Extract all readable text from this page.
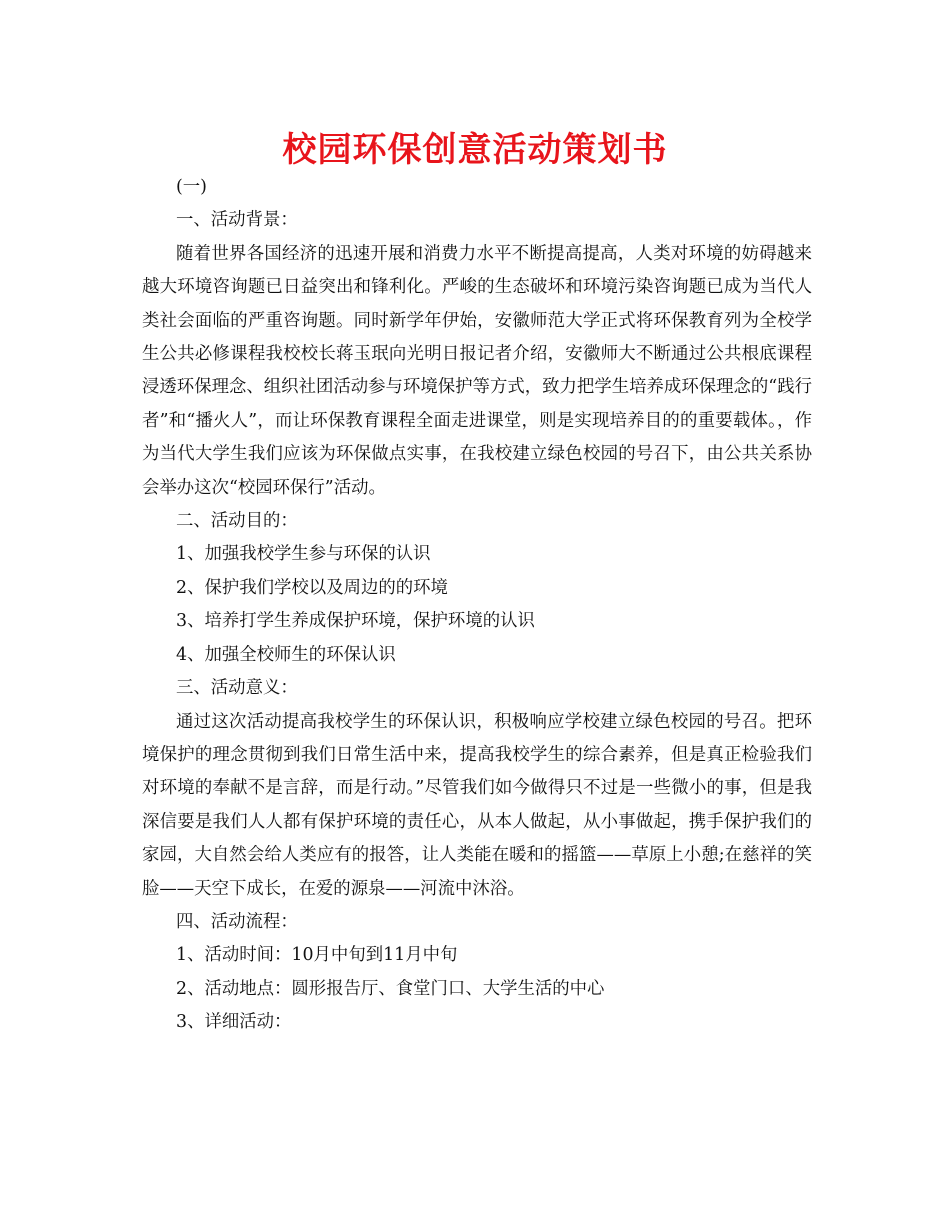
校园环保创意活动策划书

(一)

一、活动背景：

随着世界各国经济的迅速开展和消费力水平不断提高提高，人类对环境的妨碍越来越大环境咨询题已日益突出和锋利化。严峻的生态破坏和环境污染咨询题已成为当代人类社会面临的严重咨询题。同时新学年伊始，安徽师范大学正式将环保教育列为全校学生公共必修课程我校校长蒋玉珉向光明日报记者介绍，安徽师大不断通过公共根底课程浸透环保理念、组织社团活动参与环境保护等方式，致力把学生培养成环保理念的“践行者”和“播火人”，而让环保教育课程全面走进课堂，则是实现培养目的的重要载体。，作为当代大学生我们应该为环保做点实事，在我校建立绿色校园的号召下，由公共关系协会举办这次“校园环保行”活动。

二、活动目的：

1、加强我校学生参与环保的认识

2、保护我们学校以及周边的的环境

3、培养打学生养成保护环境，保护环境的认识

4、加强全校师生的环保认识

三、活动意义：

通过这次活动提高我校学生的环保认识，积极响应学校建立绿色校园的号召。把环境保护的理念贯彻到我们日常生活中来，提高我校学生的综合素养，但是真正检验我们对环境的奉献不是言辞，而是行动。”尽管我们如今做得只不过是一些微小的事，但是我深信要是我们人人都有保护环境的责任心，从本人做起，从小事做起，携手保护我们的家园，大自然会给人类应有的报答，让人类能在暖和的摇篮——草原上小憩;在慈祥的笑脸——天空下成长，在爱的源泉——河流中沐浴。

四、活动流程：

1、活动时间：10月中旬到11月中旬

2、活动地点：圆形报告厅、食堂门口、大学生活的中心

3、详细活动：
